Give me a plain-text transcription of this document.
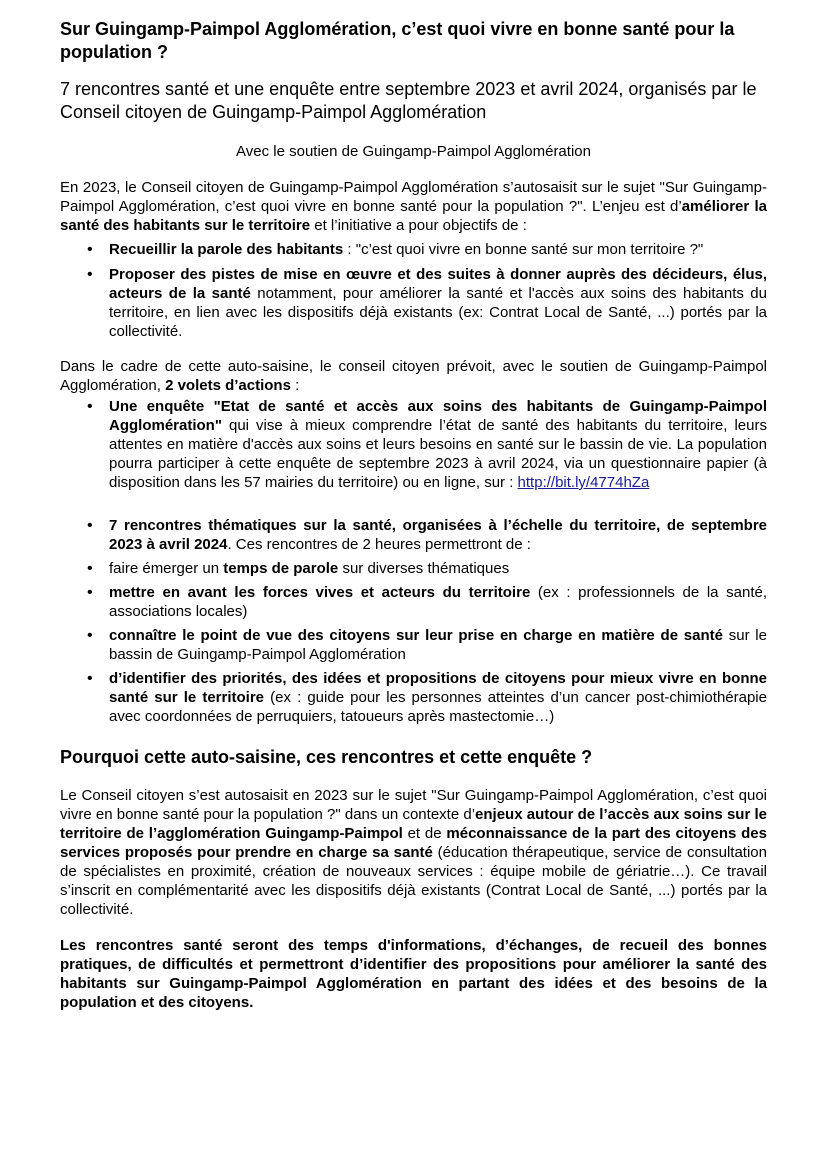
Sur Guingamp-Paimpol Agglomération, c’est quoi vivre en bonne santé pour la population ?
7 rencontres santé et une enquête entre septembre 2023 et avril 2024, organisés par le Conseil citoyen de Guingamp-Paimpol Agglomération
Avec le soutien de Guingamp-Paimpol Agglomération

En 2023, le Conseil citoyen de Guingamp-Paimpol Agglomération s’autosaisit sur le sujet "Sur Guingamp-Paimpol Agglomération, c’est quoi vivre en bonne santé pour la population ?". L’enjeu est d’améliorer la santé des habitants sur le territoire et l’initiative a pour objectifs de :

• Recueillir la parole des habitants : "c’est quoi vivre en bonne santé sur mon territoire ?"
• Proposer des pistes de mise en œuvre et des suites à donner auprès des décideurs, élus, acteurs de la santé notamment, pour améliorer la santé et l'accès aux soins des habitants du territoire, en lien avec les dispositifs déjà existants (ex: Contrat Local de Santé, ...) portés par la collectivité.

Dans le cadre de cette auto-saisine, le conseil citoyen prévoit, avec le soutien de Guingamp-Paimpol Agglomération, 2 volets d’actions :

• Une enquête "Etat de santé et accès aux soins des habitants de Guingamp-Paimpol Agglomération" qui vise à mieux comprendre l’état de santé des habitants du territoire, leurs attentes en matière d'accès aux soins et leurs besoins en santé sur le bassin de vie. La population pourra participer à cette enquête de septembre 2023 à avril 2024, via un questionnaire papier (à disposition dans les 57 mairies du territoire) ou en ligne, sur : http://bit.ly/4774hZa
• 7 rencontres thématiques sur la santé, organisées à l’échelle du territoire, de septembre 2023 à avril 2024. Ces rencontres de 2 heures permettront de :
• faire émerger un temps de parole sur diverses thématiques
• mettre en avant les forces vives et acteurs du territoire (ex : professionnels de la santé, associations locales)
• connaître le point de vue des citoyens sur leur prise en charge en matière de santé sur le bassin de Guingamp-Paimpol Agglomération
• d’identifier des priorités, des idées et propositions de citoyens pour mieux vivre en bonne santé sur le territoire (ex : guide pour les personnes atteintes d’un cancer post-chimiothérapie avec coordonnées de perruquiers, tatoueurs après mastectomie…)
Pourquoi cette auto-saisine, ces rencontres et cette enquête ?

Le Conseil citoyen s’est autosaisit en 2023 sur le sujet "Sur Guingamp-Paimpol Agglomération, c’est quoi vivre en bonne santé pour la population ?" dans un contexte d’enjeux autour de l’accès aux soins sur le territoire de l’agglomération Guingamp-Paimpol et de méconnaissance de la part des citoyens des services proposés pour prendre en charge sa santé (éducation thérapeutique, service de consultation de spécialistes en proximité, création de nouveaux services : équipe mobile de gériatrie…). Ce travail s’inscrit en complémentarité avec les dispositifs déjà existants (Contrat Local de Santé, ...) portés par la collectivité.

Les rencontres santé seront des temps d'informations, d’échanges, de recueil des bonnes pratiques, de difficultés et permettront d’identifier des propositions pour améliorer la santé des habitants sur Guingamp-Paimpol Agglomération en partant des idées et des besoins de la population et des citoyens.
